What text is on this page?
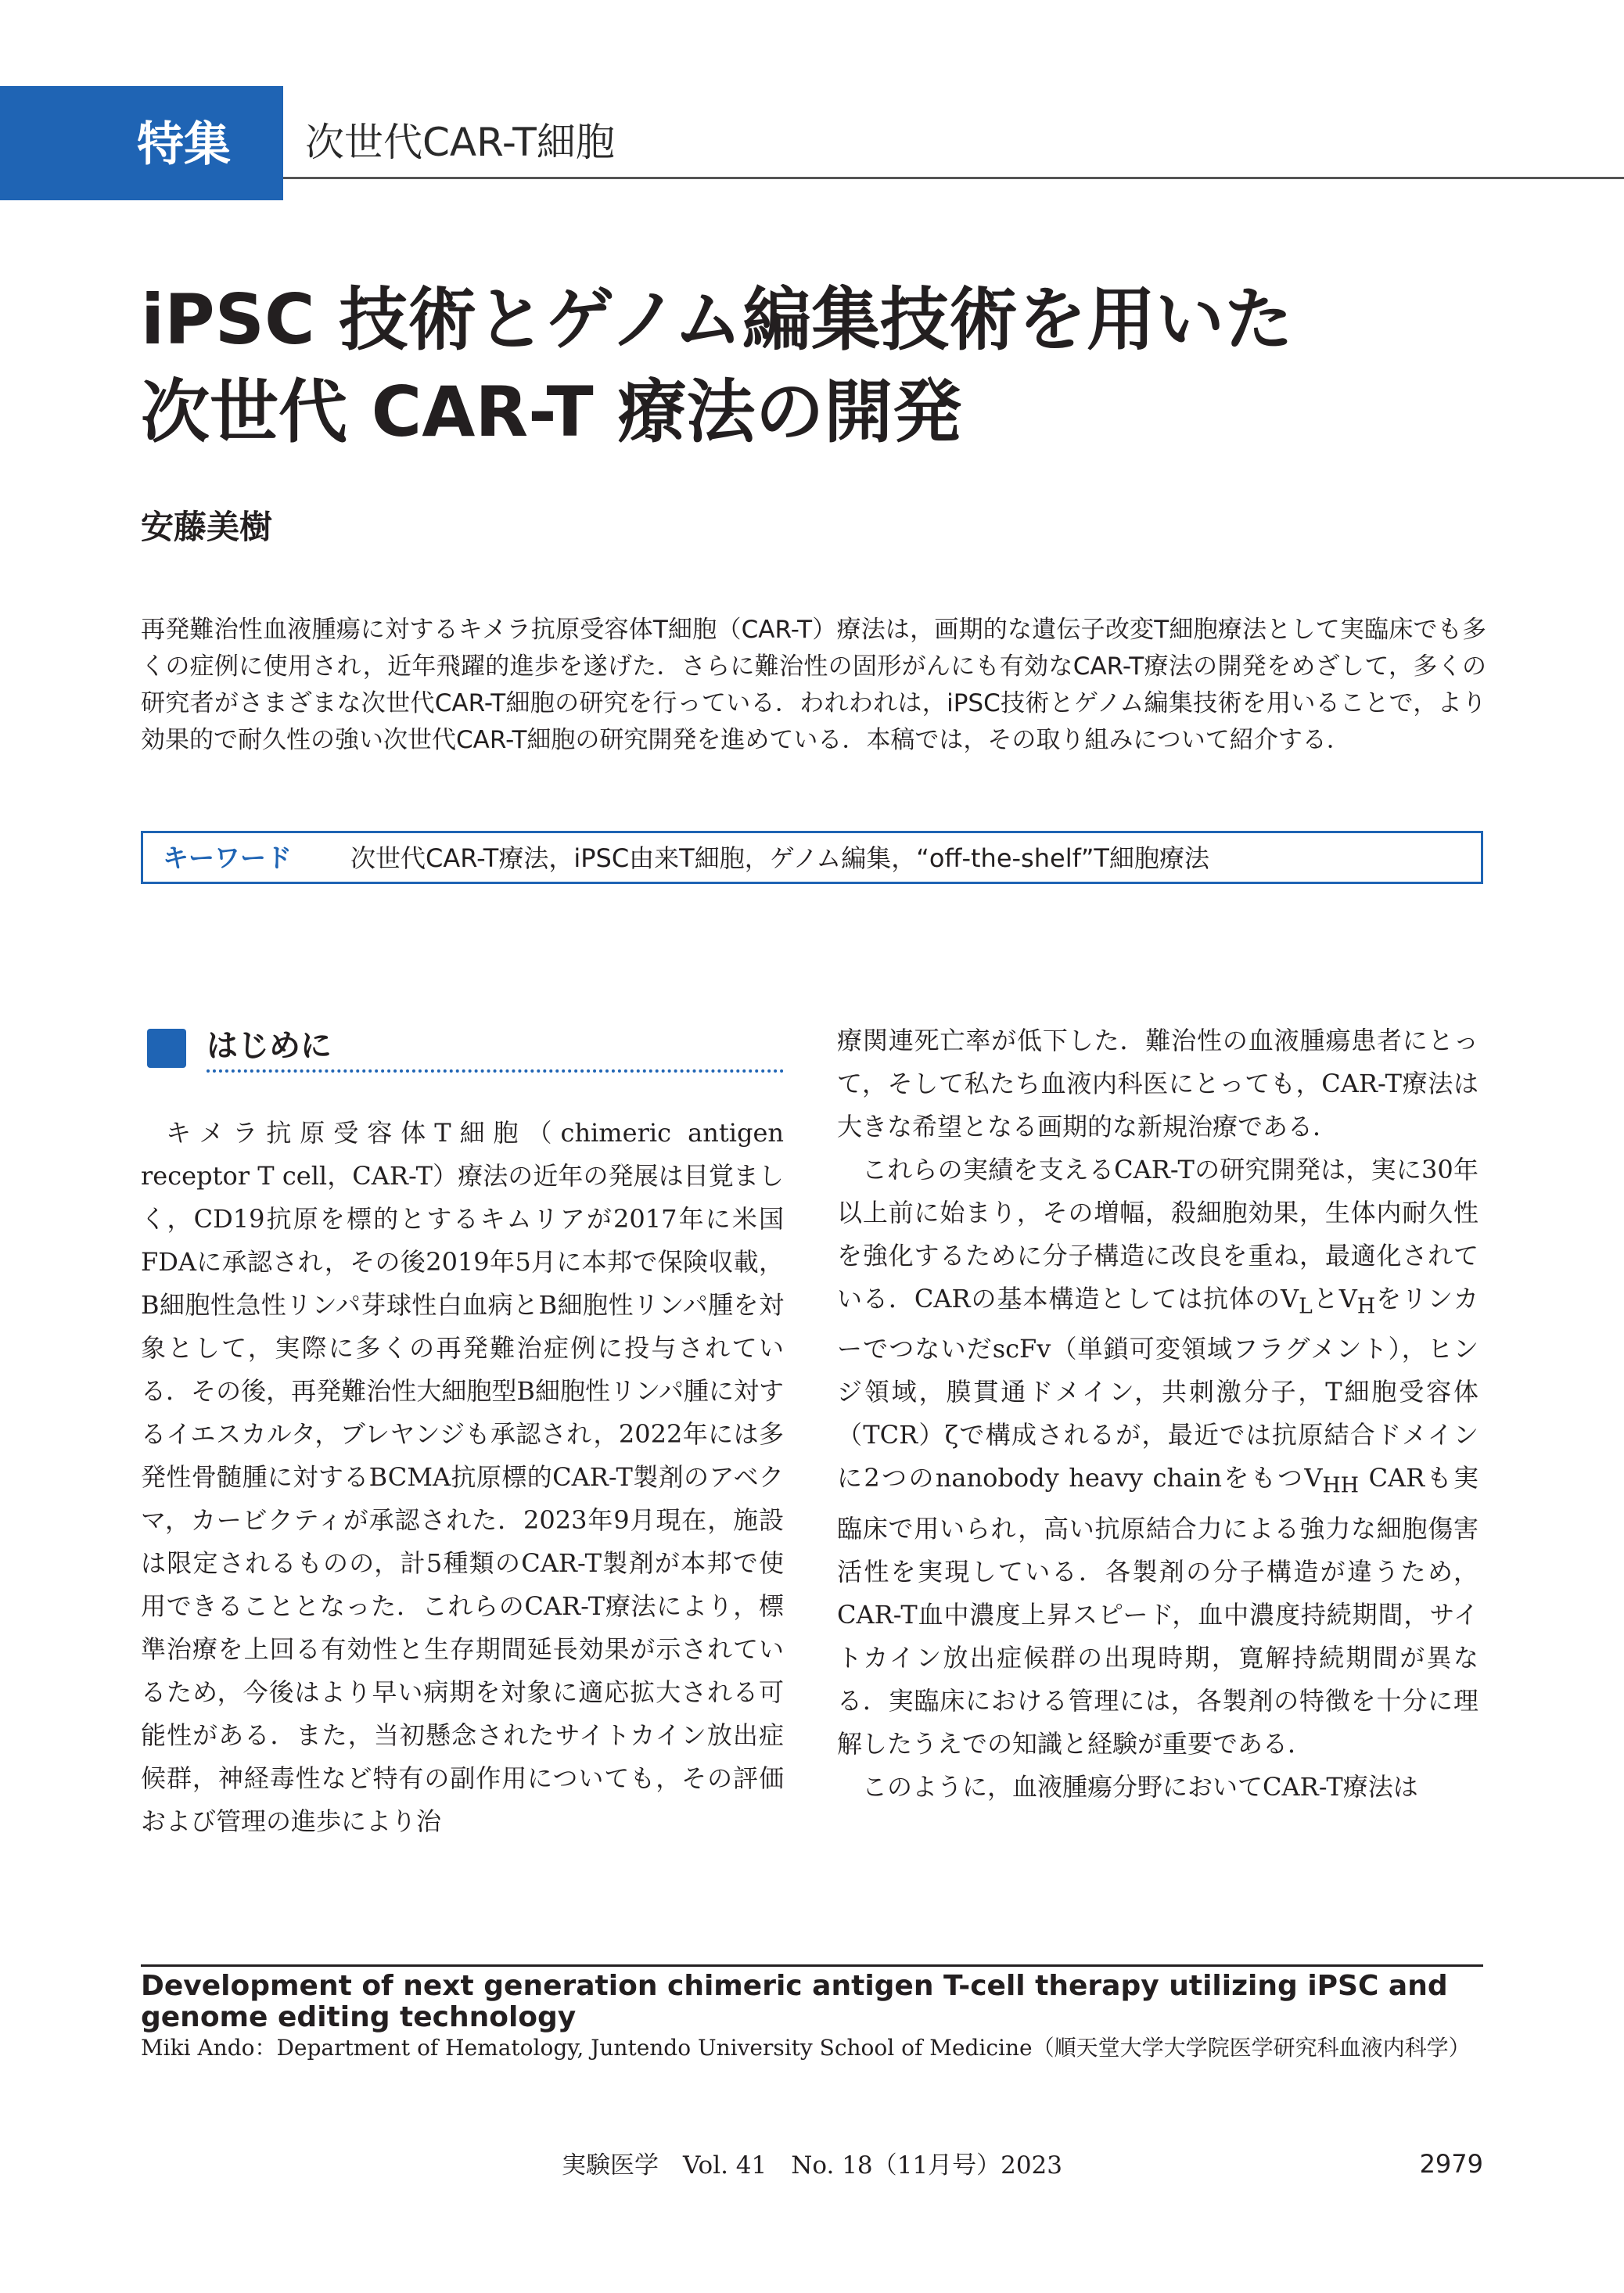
特集 次世代CAR-T細胞
iPSC 技術とゲノム編集技術を用いた
次世代 CAR-T 療法の開発
安藤美樹
再発難治性血液腫瘍に対するキメラ抗原受容体T細胞（CAR-T）療法は，画期的な遺伝子改変T細胞療法として実臨床でも多くの症例に使用され，近年飛躍的進歩を遂げた．さらに難治性の固形がんにも有効なCAR-T療法の開発をめざして，多くの研究者がさまざまな次世代CAR-T細胞の研究を行っている．われわれは，iPSC技術とゲノム編集技術を用いることで，より効果的で耐久性の強い次世代CAR-T細胞の研究開発を進めている．本稿では，その取り組みについて紹介する．
キーワード 次世代CAR-T療法，iPSC由来T細胞，ゲノム編集，“off-the-shelf”T細胞療法
はじめに

キメラ抗原受容体T細胞（chimeric antigen receptor T cell，CAR-T）療法の近年の発展は目覚ましく，CD19抗原を標的とするキムリアが2017年に米国FDAに承認され，その後2019年5月に本邦で保険収載，B細胞性急性リンパ芽球性白血病とB細胞性リンパ腫を対象として，実際に多くの再発難治症例に投与されている．その後，再発難治性大細胞型B細胞性リンパ腫に対するイエスカルタ，ブレヤンジも承認され，2022年には多発性骨髄腫に対するBCMA抗原標的CAR-T製剤のアベクマ，カービクティが承認された．2023年9月現在，施設は限定されるものの，計5種類のCAR-T製剤が本邦で使用できることとなった．これらのCAR-T療法により，標準治療を上回る有効性と生存期間延長効果が示されているため，今後はより早い病期を対象に適応拡大される可能性がある．また，当初懸念されたサイトカイン放出症候群，神経毒性など特有の副作用についても，その評価および管理の進歩により治

療関連死亡率が低下した．難治性の血液腫瘍患者にとって，そして私たち血液内科医にとっても，CAR-T療法は大きな希望となる画期的な新規治療である．

これらの実績を支えるCAR-Tの研究開発は，実に30年以上前に始まり，その増幅，殺細胞効果，生体内耐久性を強化するために分子構造に改良を重ね，最適化されている．CARの基本構造としては抗体の$V_L$と$V_H$をリンカーでつないだscFv（単鎖可変領域フラグメント），ヒンジ領域，膜貫通ドメイン，共刺激分子，T細胞受容体（TCR）ζで構成されるが，最近では抗原結合ドメインに2つのnanobody heavy chainをもつ$V_{HH}$ CARも実臨床で用いられ，高い抗原結合力による強力な細胞傷害活性を実現している．各製剤の分子構造が違うため，CAR-T血中濃度上昇スピード，血中濃度持続期間，サイトカイン放出症候群の出現時期，寛解持続期間が異なる．実臨床における管理には，各製剤の特徴を十分に理解したうえでの知識と経験が重要である．

このように，血液腫瘍分野においてCAR-T療法は

Development of next generation chimeric antigen T-cell therapy utilizing iPSC and genome editing technology
Miki Ando：Department of Hematology, Juntendo University School of Medicine（順天堂大学大学院医学研究科血液内科学）
実験医学　Vol. 41　No. 18（11月号）2023	2979
